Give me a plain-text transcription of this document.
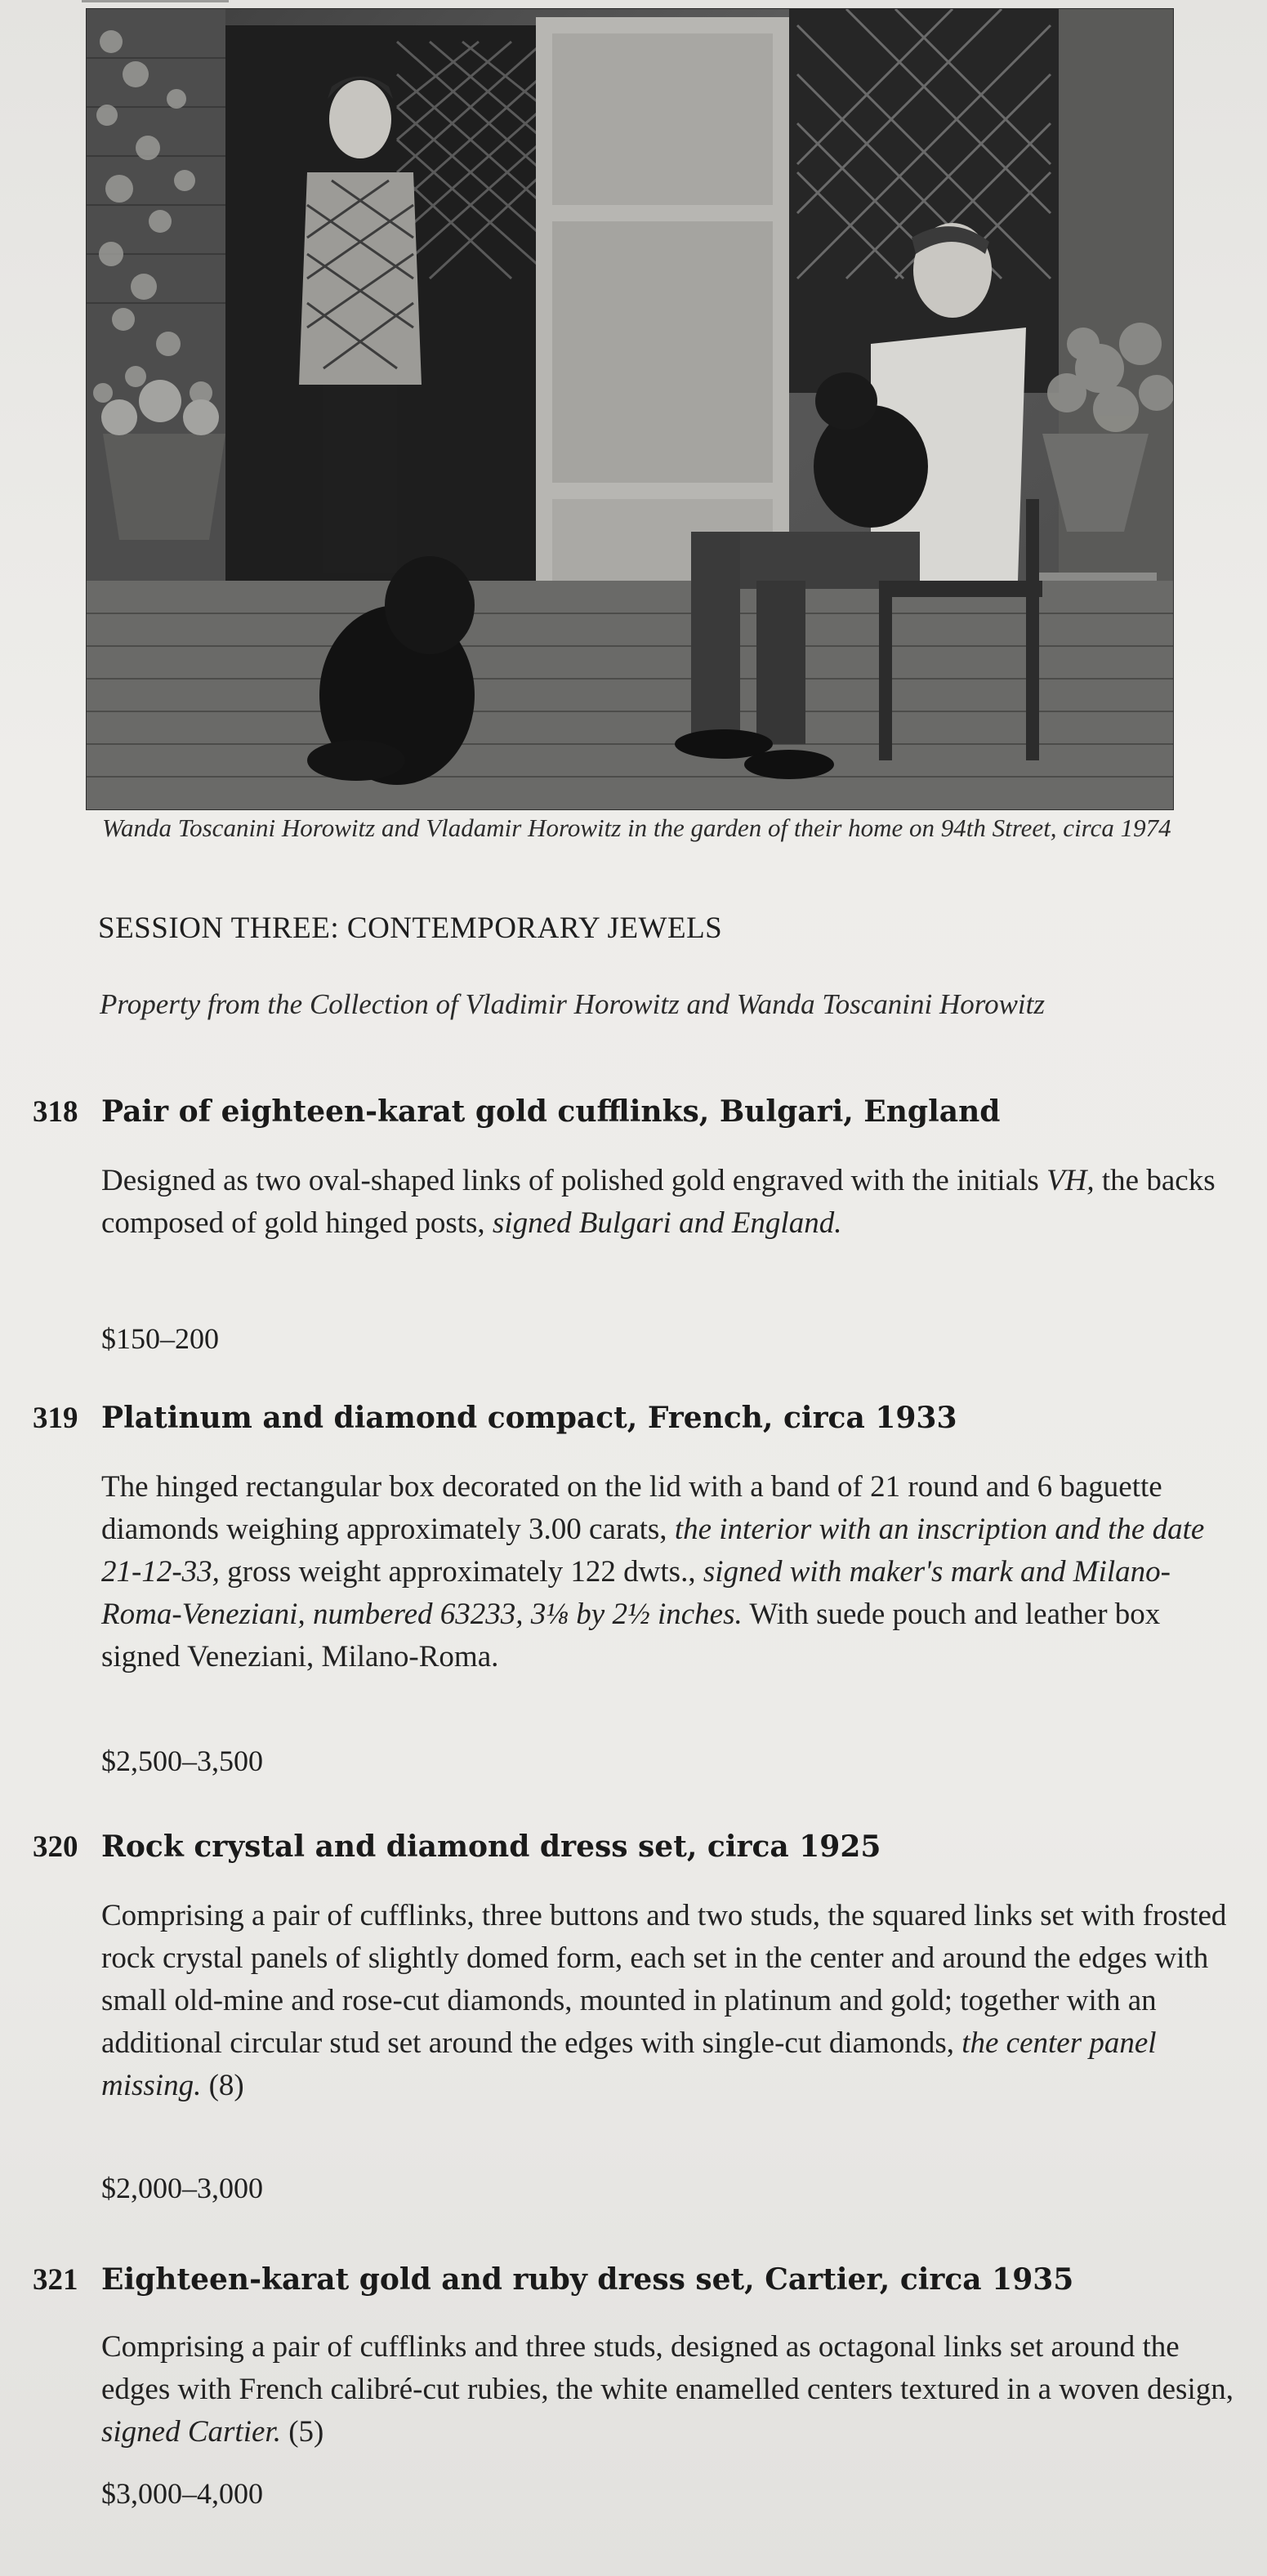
Wanda Toscanini Horowitz and Vladamir Horowitz in the garden of their home on 94th Street, circa 1974
SESSION THREE: CONTEMPORARY JEWELS
Property from the Collection of Vladimir Horowitz and Wanda Toscanini Horowitz
318 Pair of eighteen-karat gold cufflinks, Bulgari, England
Designed as two oval-shaped links of polished gold engraved with the initials VH, the backs composed of gold hinged posts, signed Bulgari and England.
$150–200
319 Platinum and diamond compact, French, circa 1933
The hinged rectangular box decorated on the lid with a band of 21 round and 6 baguette diamonds weighing approximately 3.00 carats, the interior with an inscription and the date 21-12-33, gross weight approximately 122 dwts., signed with maker's mark and Milano-Roma-Veneziani, numbered 63233, 3⅛ by 2½ inches. With suede pouch and leather box signed Veneziani, Milano-Roma.
$2,500–3,500
320 Rock crystal and diamond dress set, circa 1925
Comprising a pair of cufflinks, three buttons and two studs, the squared links set with frosted rock crystal panels of slightly domed form, each set in the center and around the edges with small old-mine and rose-cut diamonds, mounted in platinum and gold; together with an additional circular stud set around the edges with single-cut diamonds, the center panel missing. (8)
$2,000–3,000
321 Eighteen-karat gold and ruby dress set, Cartier, circa 1935
Comprising a pair of cufflinks and three studs, designed as octagonal links set around the edges with French calibré-cut rubies, the white enamelled centers textured in a woven design, signed Cartier. (5)
$3,000–4,000
